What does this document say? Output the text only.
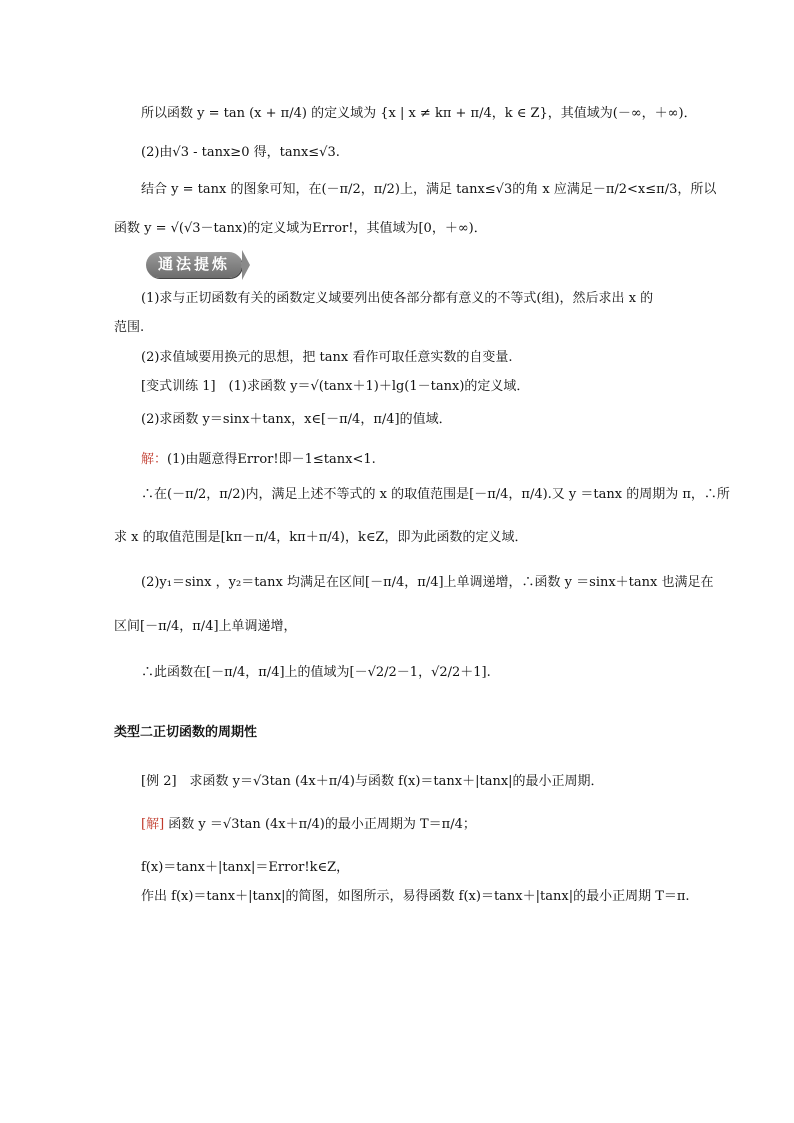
所以函数 y = tan (x + π/4) 的定义域为 {x | x ≠ kπ + π/4，k ∈ Z}，其值域为(－∞，＋∞)．
(2)由√3 - tanx≥0 得，tanx≤√3.
结合 y = tanx 的图象可知，在(－π/2，π/2)上，满足 tanx≤√3的角 x 应满足－π/2<x≤π/3，所以
函数 y = √(√3－tanx)的定义域为Error!，其值域为[0，＋∞)．
通法提炼
(1)求与正切函数有关的函数定义域要列出使各部分都有意义的不等式(组)，然后求出 x 的
范围.
(2)求值域要用换元的思想，把 tanx 看作可取任意实数的自变量.
[变式训练 1]　(1)求函数 y＝√(tanx＋1)＋lg(1－tanx)的定义域．
(2)求函数 y＝sinx＋tanx，x∈[－π/4，π/4]的值域．
解：(1)由题意得Error!即－1≤tanx<1.
∴在(－π/2，π/2)内，满足上述不等式的 x 的取值范围是[－π/4，π/4).又 y ＝tanx 的周期为 π，∴所
求 x 的取值范围是[kπ－π/4，kπ＋π/4)，k∈Z，即为此函数的定义域．
(2)y₁＝sinx ，y₂＝tanx 均满足在区间[－π/4，π/4]上单调递增，∴函数 y ＝sinx＋tanx 也满足在
区间[－π/4，π/4]上单调递增，
∴此函数在[－π/4，π/4]上的值域为[－√2/2－1，√2/2＋1].
类型二正切函数的周期性
[例 2]　求函数 y＝√3tan (4x＋π/4)与函数 f(x)＝tanx＋|tanx|的最小正周期．
[解] 函数 y ＝√3tan (4x＋π/4)的最小正周期为 T＝π/4；
f(x)＝tanx＋|tanx|＝Error!k∈Z，
作出 f(x)＝tanx＋|tanx|的简图，如图所示，易得函数 f(x)＝tanx＋|tanx|的最小正周期 T＝π.
